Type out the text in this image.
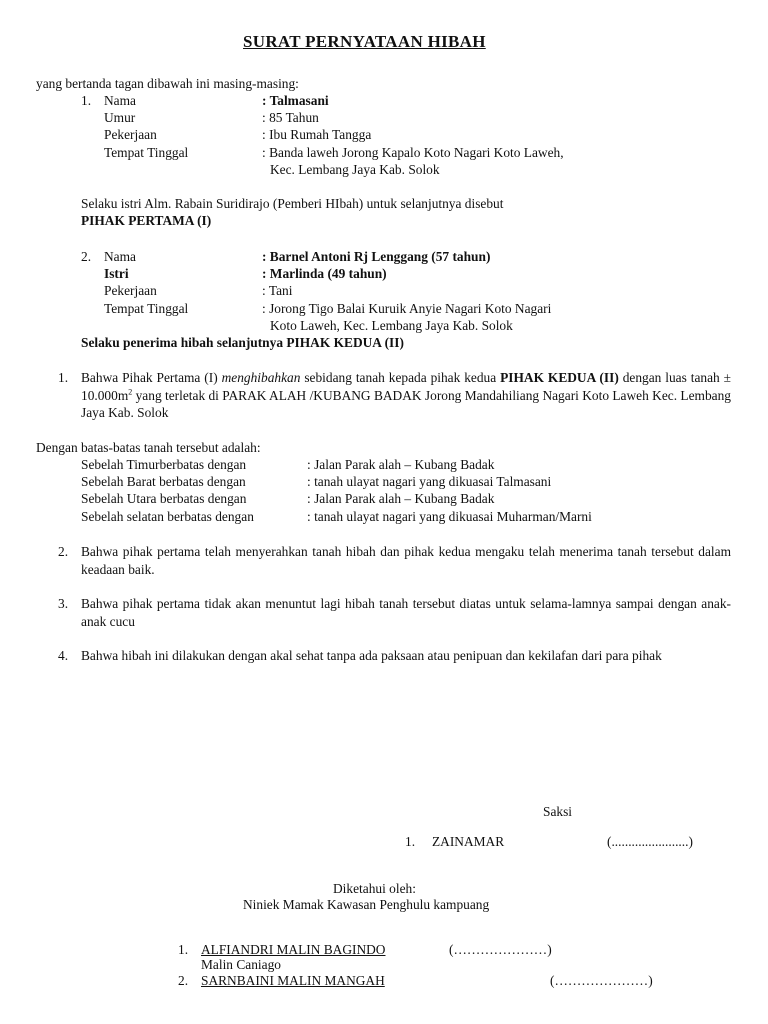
SURAT PERNYATAAN HIBAH
yang bertanda tagan dibawah ini masing-masing:
1. Nama	: Talmasani
Umur	: 85 Tahun
Pekerjaan	: Ibu Rumah Tangga
Tempat Tinggal	: Banda laweh Jorong Kapalo Koto Nagari Koto Laweh,
Kec. Lembang Jaya Kab. Solok
Selaku istri Alm. Rabain Suridirajo (Pemberi HIbah) untuk selanjutnya disebut
PIHAK PERTAMA (I)
2. Nama	: Barnel Antoni Rj Lenggang (57 tahun)
Istri	: Marlinda (49 tahun)
Pekerjaan	: Tani
Tempat Tinggal	: Jorong Tigo Balai Kuruik Anyie Nagari Koto Nagari
Koto Laweh, Kec. Lembang Jaya Kab. Solok
Selaku penerima hibah selanjutnya PIHAK KEDUA (II)
1. Bahwa Pihak Pertama (I) menghibahkan sebidang tanah kepada pihak kedua PIHAK KEDUA (II) dengan luas tanah ± $10.000m^2$ yang terletak di PARAK ALAH /KUBANG BADAK Jorong Mandahiliang Nagari Koto Laweh Kec. Lembang Jaya Kab. Solok
Dengan batas-batas tanah tersebut adalah:
Sebelah Timurberbatas dengan	: Jalan Parak alah – Kubang Badak
Sebelah Barat berbatas dengan	: tanah ulayat nagari yang dikuasai Talmasani
Sebelah Utara berbatas dengan	: Jalan Parak alah – Kubang Badak
Sebelah selatan berbatas dengan	: tanah ulayat nagari yang dikuasai Muharman/Marni
2. Bahwa pihak pertama telah menyerahkan tanah hibah dan pihak kedua mengaku telah menerima tanah tersebut dalam keadaan baik.
3. Bahwa pihak pertama tidak akan menuntut lagi hibah tanah tersebut diatas untuk selama-lamnya sampai dengan anak-anak cucu
4. Bahwa hibah ini dilakukan dengan akal sehat tanpa ada paksaan atau penipuan dan kekilafan dari para pihak
Saksi
1. ZAINAMAR	(.......................)
Diketahui oleh:
Niniek Mamak Kawasan Penghulu kampuang
1. ALFIANDRI MALIN BAGINDO	(…………………)
Malin Caniago
2. SARNBAINI MALIN MANGAH	(…………………)
